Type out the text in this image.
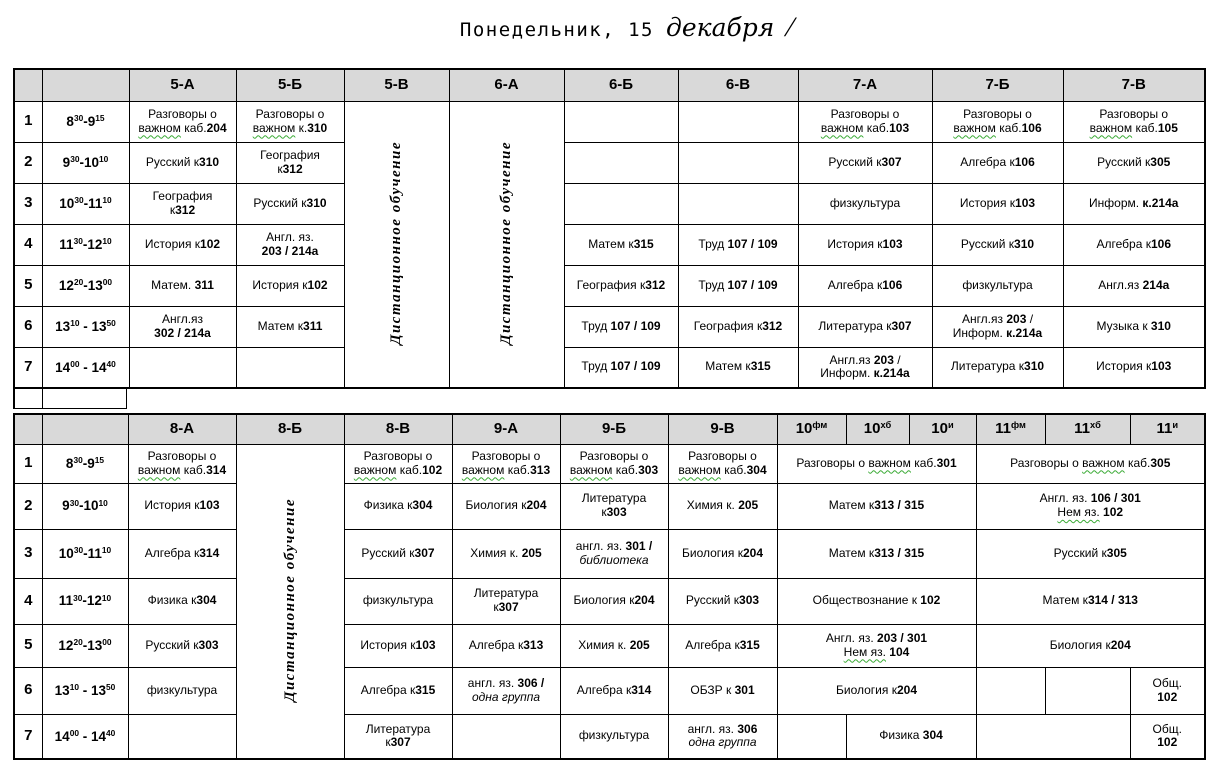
Понедельник, 15 декабря /
		5-А	5-Б	5-В	6-А	6-Б	6-В	7-А	7-Б	7-В
1	$8^{30}-9^{15}$	Разговоры о
важном каб.204	Разговоры о
важном к.310	Дистанционное обучение	Дистанционное обучение			Разговоры о
важном каб.103	Разговоры о
важном каб.106	Разговоры о
важном каб.105
2	$9^{30}-10^{10}$	Русский к310	География
к312					Русский к307	Алгебра к106	Русский к305
3	$10^{30}-11^{10}$	География
к312	Русский к310					физкультура	История к103	Информ. к.214а
4	$11^{30}-12^{10}$	История к102	Англ. яз.
203 / 214а			Матем к315	Труд 107 / 109	История к103	Русский к310	Алгебра к106
5	$12^{20}-13^{00}$	Матем. 311	История к102			География к312	Труд 107 / 109	Алгебра к106	физкультура	Англ.яз 214а
6	$13^{10} - 13^{50}$	Англ.яз
302 / 214а	Матем к311			Труд 107 / 109	География к312	Литература к307	Англ.яз 203 /
Информ. к.214а	Музыка к 310
7	$14^{00} - 14^{40}$					Труд 107 / 109	Матем к315	Англ.яз 203 /
Информ. к.214а	Литература к310	История к103
		8-А	8-Б	8-В	9-А	9-Б	9-В	$10^{фм}$	$10^{хб}$	$10^и$	$11^{фм}$	$11^{хб}$	$11^и$
1	$8^{30}-9^{15}$	Разговоры о
важном каб.314	Дистанционное обучение	Разговоры о
важном каб.102	Разговоры о
важном каб.313	Разговоры о
важном каб.303	Разговоры о
важном каб.304	Разговоры о важном каб.301			Разговоры о важном каб.305		
2	$9^{30}-10^{10}$	История к103		Физика к304	Биология к204	Литература
к303	Химия к. 205	Матем к313 / 315			Англ. яз. 106 / 301
Нем яз. 102		
3	$10^{30}-11^{10}$	Алгебра к314		Русский к307	Химия к. 205	англ. яз. 301 /
библиотека	Биология к204	Матем к313 / 315			Русский к305		
4	$11^{30}-12^{10}$	Физика к304		физкультура	Литература
к307	Биология к204	Русский к303	Обществознание к 102			Матем к314 / 313		
5	$12^{20}-13^{00}$	Русский к303		История к103	Алгебра к313	Химия к. 205	Алгебра к315	Англ. яз. 203 / 301
Нем яз. 104			Биология к204		
6	$13^{10} - 13^{50}$	физкультура		Алгебра к315	англ. яз. 306 /
одна группа	Алгебра к314	ОБЗР к 301	Биология к204					Общ.
102
7	$14^{00} - 14^{40}$			Литература
к307		физкультура	англ. яз. 306
одна группа		Физика 304				Общ.
102
